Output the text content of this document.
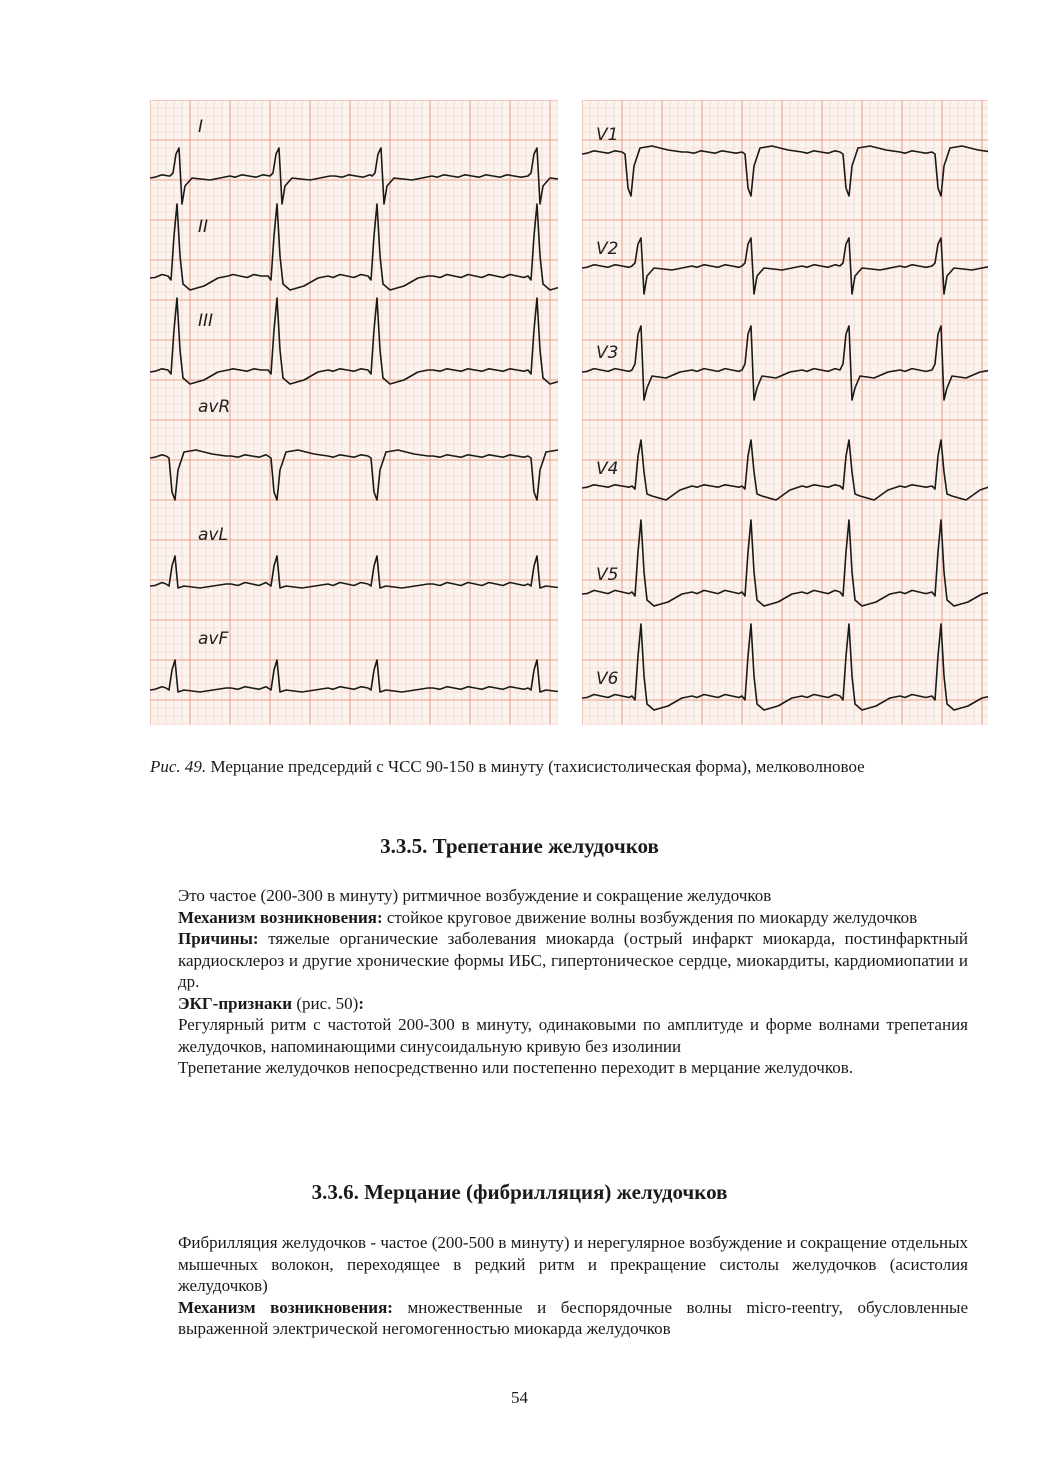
I
II
III
avR
avL
avF
V1
V2
V3
V4
V5
V6

Рис. 49. Мерцание предсердий с ЧСС 90-150 в минуту (тахисистолическая форма), мелковолновое

3.3.5. Трепетание желудочков

Это частое (200-300 в минуту) ритмичное возбуждение и сокращение желудочков

Механизм возникновения: стойкое круговое движение волны возбуждения по миокарду желудочков

Причины: тяжелые органические заболевания миокарда (острый инфаркт миокарда, постинфарктный кардиосклероз и другие хронические формы ИБС, гипертоническое сердце, миокардиты, кардиомиопатии и др.

ЭКГ-признаки (рис. 50):

Регулярный ритм с частотой 200-300 в минуту, одинаковыми по амплитуде и форме волнами трепетания желудочков, напоминающими синусоидальную кривую без изолинии

Трепетание желудочков непосредственно или постепенно переходит в мерцание желудочков.

3.3.6. Мерцание (фибрилляция) желудочков

Фибрилляция желудочков - частое (200-500 в минуту) и нерегулярное возбуждение и сокращение отдельных мышечных волокон, переходящее в редкий ритм и прекращение систолы желудочков (асистолия желудочков)

Механизм возникновения: множественные и беспорядочные волны micro-reentry, обусловленные выраженной электрической негомогенностью миокарда желудочков

54
